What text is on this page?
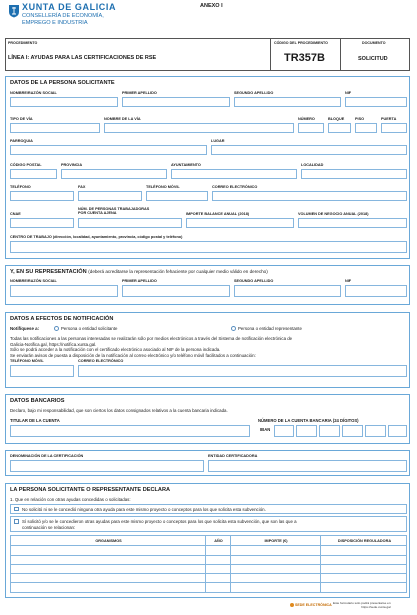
XUNTA DE GALICIA
CONSELLERÍA DE ECONOMÍA,
EMPREGO E INDUSTRIA
ANEXO I
PROCEDIMENTO
LÍNEA I: AYUDAS PARA LAS CERTIFICACIONES DE RSE
CÓDIGO DEL PROCEDIMIENTO
TR357B
DOCUMENTO
SOLICITUD
DATOS DE LA PERSONA SOLICITANTE
NOMBRE/RAZÓN SOCIAL	PRIMER APELLIDO	SEGUNDO APELLIDO	NIF
TIPO DE VÍA	NOMBRE DE LA VÍA	NÚMERO	BLOQUE	PISO	PUERTA
PARROQUIA	LUGAR
CÓDIGO POSTAL	PROVINCIA	AYUNTAMIENTO	LOCALIDAD
TELÉFONO	FAX	TELÉFONO MÓVIL	CORREO ELECTRÓNICO
NÚM. DE PERSONAS TRABAJADORAS
POR CUENTA AJENA
CNAE	IMPORTE BALANCE ANUAL (2018)	VOLUMEN DE NEGOCIO ANUAL (2018)
CENTRO DE TRABAJO (dirección, localidad, ayuntamiento, provincia, código postal y teléfono)
Y, EN SU REPRESENTACIÓN (deberá acreditarse la representación fehaciente por cualquier medio válido en derecho)
NOMBRE/RAZÓN SOCIAL	PRIMER APELLIDO	SEGUNDO APELLIDO	NIF
DATOS A EFECTOS DE NOTIFICACIÓN
Notifíquese a:	Persona o entidad solicitante	Persona o entidad representante
Todas las notificaciones a las personas interesadas se realizarán sólo por medios electrónicos a través del Sistema de notificación electrónica de
Galicia-Notifica.gal, https://notifica.xunta.gal.
Sólo se podrá acceder a la notificación con el certificado electrónico asociado al NIF de la persona indicada.
Se enviarán avisos de puesta a disposición de la notificación al correo electrónico y/o teléfono móvil facilitados a continuación:
TELÉFONO MÓVIL	CORREO ELECTRÓNICO
DATOS BANCARIOS
Declaro, bajo mi responsabilidad, que son ciertos los datos consignados relativos a la cuenta bancaria indicada.
TITULAR DE LA CUENTA	NÚMERO DE LA CUENTA BANCARIA (24 DÍGITOS)
IBAN
DENOMINACIÓN DE LA CERTIFICACIÓN	ENTIDAD CERTIFICADORA
LA PERSONA SOLICITANTE O REPRESENTANTE DECLARA
1. Que en relación con otras ayudas concedidas o solicitadas:
No solicitó ni se le concedió ninguna otra ayuda para este mismo proyecto o conceptos para los que solicita esta subvención.
Sí solicitó y/o se le concedieron otras ayudas para este mismo proyecto o conceptos para los que solicita esta subvención, que son las que a
continuación se relacionan:
ORGANISMOS	AÑO	IMPORTE (€)	DISPOSICIÓN REGULADORA
SEDE ELECTRÓNICA Este formulario sólo podrá presentarse en
https://sede.xunta.gal
